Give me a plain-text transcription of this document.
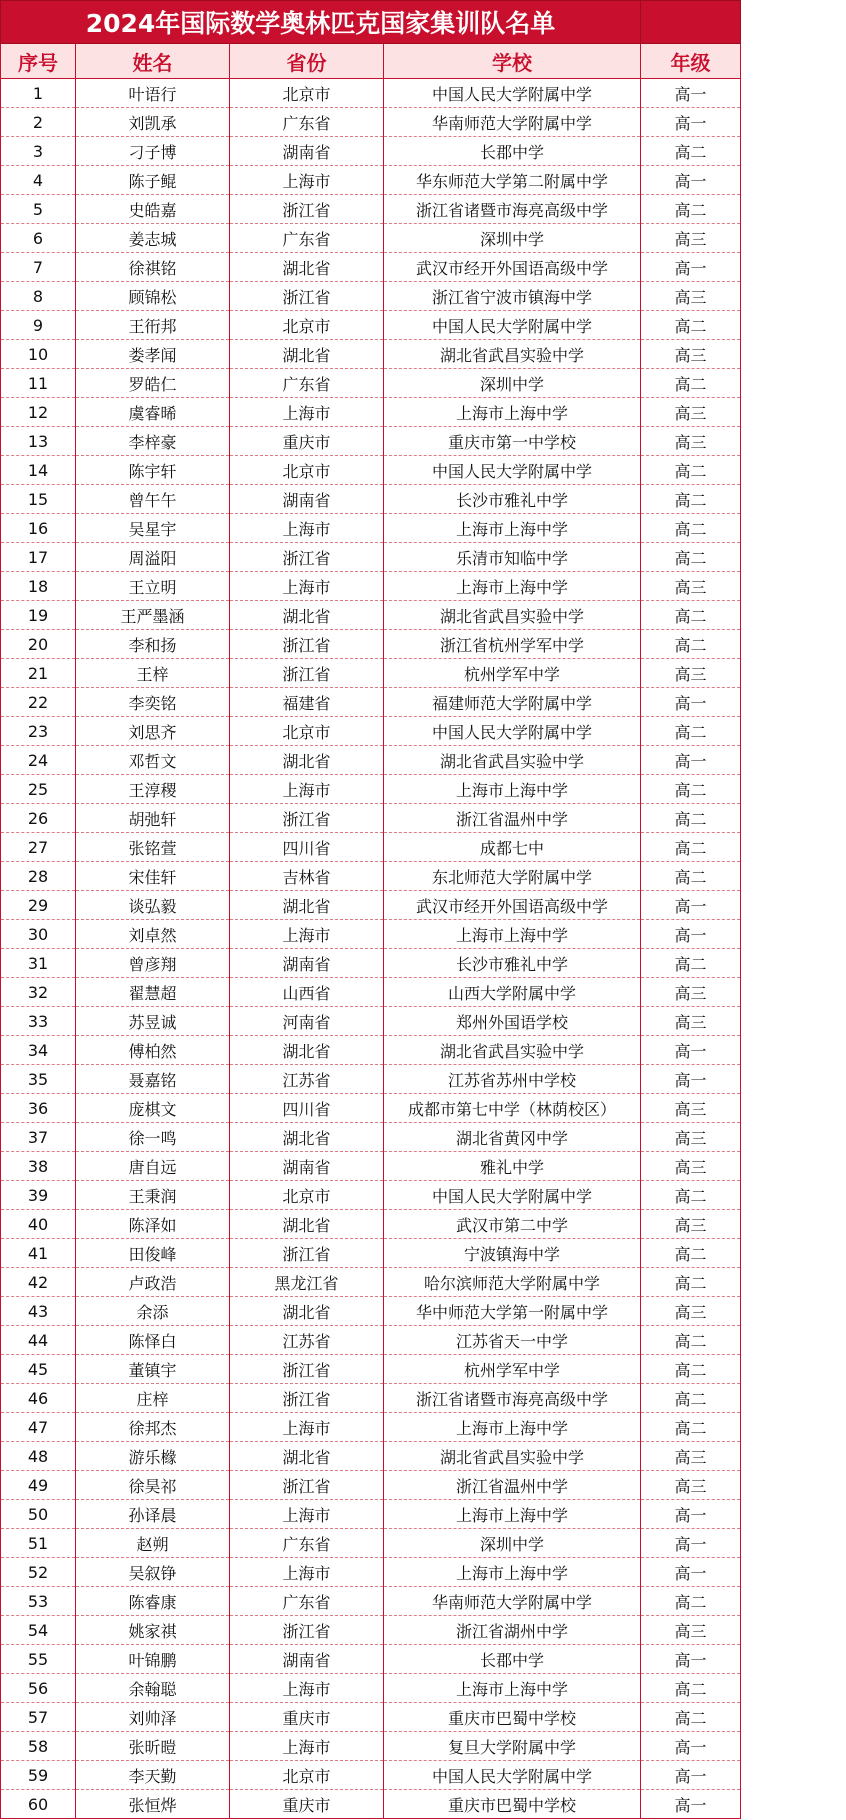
2024年国际数学奥林匹克国家集训队名单				
序号	姓名	省份	学校	年级
1	叶语行	北京市	中国人民大学附属中学	高一
2	刘凯承	广东省	华南师范大学附属中学	高一
3	刁子博	湖南省	长郡中学	高二
4	陈子鲲	上海市	华东师范大学第二附属中学	高一
5	史皓嘉	浙江省	浙江省诸暨市海亮高级中学	高二
6	姜志城	广东省	深圳中学	高三
7	徐祺铭	湖北省	武汉市经开外国语高级中学	高一
8	顾锦松	浙江省	浙江省宁波市镇海中学	高三
9	王衎邦	北京市	中国人民大学附属中学	高二
10	娄孝闻	湖北省	湖北省武昌实验中学	高三
11	罗皓仁	广东省	深圳中学	高二
12	虞睿晞	上海市	上海市上海中学	高三
13	李梓豪	重庆市	重庆市第一中学校	高三
14	陈宇轩	北京市	中国人民大学附属中学	高二
15	曾午午	湖南省	长沙市雅礼中学	高二
16	吴星宇	上海市	上海市上海中学	高二
17	周溢阳	浙江省	乐清市知临中学	高二
18	王立明	上海市	上海市上海中学	高三
19	王严墨涵	湖北省	湖北省武昌实验中学	高二
20	李和扬	浙江省	浙江省杭州学军中学	高二
21	王梓	浙江省	杭州学军中学	高三
22	李奕铭	福建省	福建师范大学附属中学	高一
23	刘思齐	北京市	中国人民大学附属中学	高二
24	邓哲文	湖北省	湖北省武昌实验中学	高一
25	王淳稷	上海市	上海市上海中学	高二
26	胡弛轩	浙江省	浙江省温州中学	高二
27	张铭萱	四川省	成都七中	高二
28	宋佳轩	吉林省	东北师范大学附属中学	高二
29	谈弘毅	湖北省	武汉市经开外国语高级中学	高一
30	刘卓然	上海市	上海市上海中学	高一
31	曾彦翔	湖南省	长沙市雅礼中学	高二
32	翟慧超	山西省	山西大学附属中学	高三
33	苏昱诚	河南省	郑州外国语学校	高三
34	傅柏然	湖北省	湖北省武昌实验中学	高一
35	聂嘉铭	江苏省	江苏省苏州中学校	高一
36	庞棋文	四川省	成都市第七中学（林荫校区）	高三
37	徐一鸣	湖北省	湖北省黄冈中学	高三
38	唐自远	湖南省	雅礼中学	高三
39	王秉润	北京市	中国人民大学附属中学	高二
40	陈泽如	湖北省	武汉市第二中学	高三
41	田俊峰	浙江省	宁波镇海中学	高二
42	卢政浩	黑龙江省	哈尔滨师范大学附属中学	高二
43	余添	湖北省	华中师范大学第一附属中学	高三
44	陈怿白	江苏省	江苏省天一中学	高二
45	董镇宇	浙江省	杭州学军中学	高二
46	庄梓	浙江省	浙江省诸暨市海亮高级中学	高二
47	徐邦杰	上海市	上海市上海中学	高二
48	游乐橼	湖北省	湖北省武昌实验中学	高三
49	徐昊祁	浙江省	浙江省温州中学	高三
50	孙译晨	上海市	上海市上海中学	高一
51	赵朔	广东省	深圳中学	高一
52	吴叙铮	上海市	上海市上海中学	高一
53	陈睿康	广东省	华南师范大学附属中学	高二
54	姚家祺	浙江省	浙江省湖州中学	高三
55	叶锦鹏	湖南省	长郡中学	高一
56	余翰聪	上海市	上海市上海中学	高二
57	刘帅泽	重庆市	重庆市巴蜀中学校	高二
58	张昕暟	上海市	复旦大学附属中学	高一
59	李天勤	北京市	中国人民大学附属中学	高一
60	张恒烨	重庆市	重庆市巴蜀中学校	高一
